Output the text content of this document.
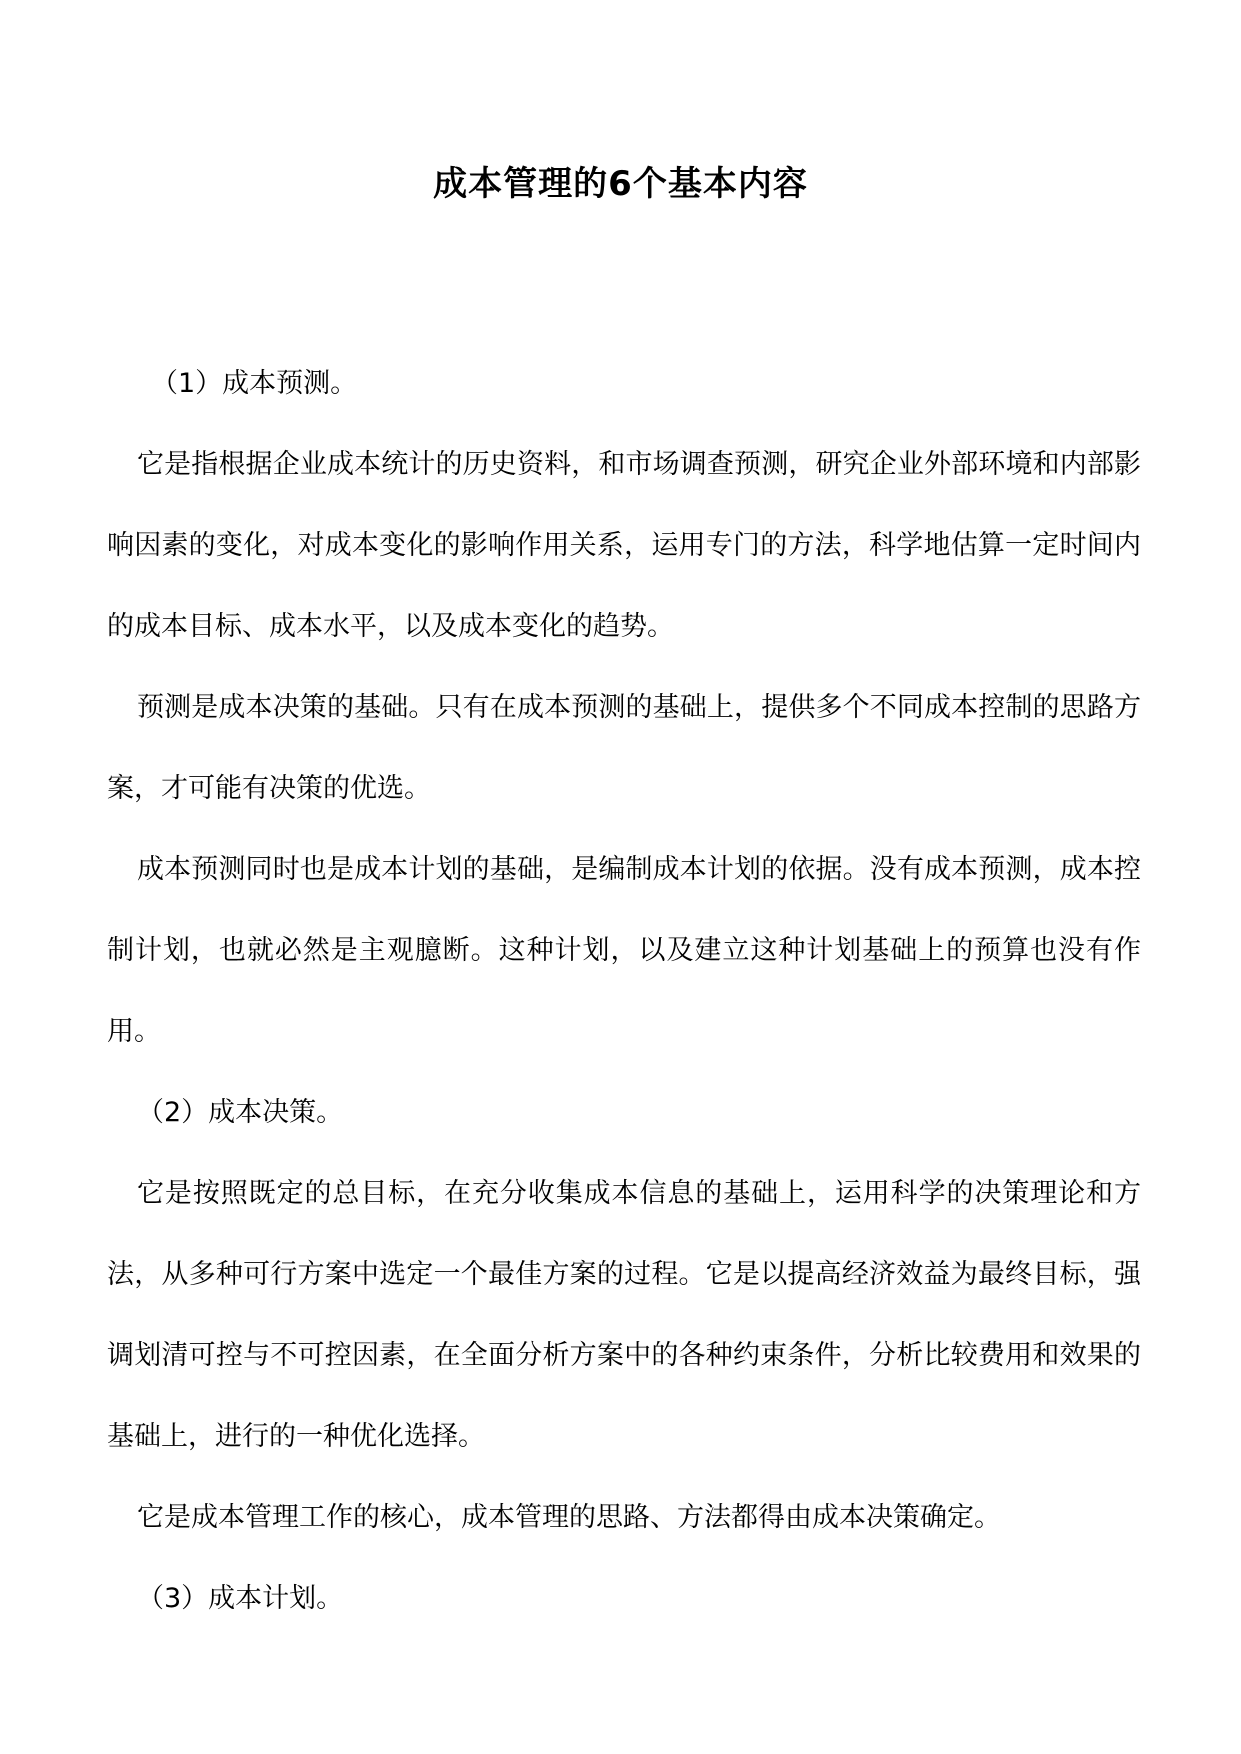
成本管理的6个基本内容

（1）成本预测。

它是指根据企业成本统计的历史资料，和市场调查预测，研究企业外部环境和内部影响因素的变化，对成本变化的影响作用关系，运用专门的方法，科学地估算一定时间内的成本目标、成本水平，以及成本变化的趋势。

预测是成本决策的基础。只有在成本预测的基础上，提供多个不同成本控制的思路方案，才可能有决策的优选。

成本预测同时也是成本计划的基础，是编制成本计划的依据。没有成本预测，成本控制计划，也就必然是主观臆断。这种计划，以及建立这种计划基础上的预算也没有作用。

（2）成本决策。

它是按照既定的总目标，在充分收集成本信息的基础上，运用科学的决策理论和方法，从多种可行方案中选定一个最佳方案的过程。它是以提高经济效益为最终目标，强调划清可控与不可控因素，在全面分析方案中的各种约束条件，分析比较费用和效果的基础上，进行的一种优化选择。

它是成本管理工作的核心，成本管理的思路、方法都得由成本决策确定。

（3）成本计划。
